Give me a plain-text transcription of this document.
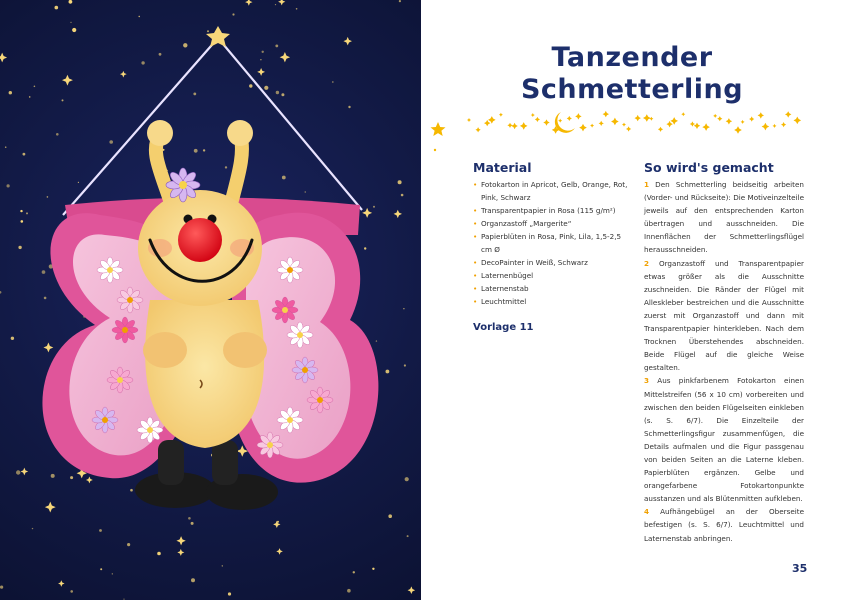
Tanzender
Schmetterling
Material
• Fotokarton in Apricot, Gelb, Orange, Rot, Pink, Schwarz
• Transparentpapier in Rosa (115 g/m²)
• Organzastoff „Margerite“
• Papierblüten in Rosa, Pink, Lila, 1,5-2,5 cm Ø
• DecoPainter in Weiß, Schwarz
• Laternenbügel
• Laternenstab
• Leuchtmittel
Vorlage 11
So wird's gemacht

1 Den Schmetterling beidseitig arbeiten (Vorder- und Rückseite): Die Motiveinzelteile jeweils auf den entsprechenden Karton übertragen und ausschneiden. Die Innenflächen der Schmetterlingsflügel herausschneiden.

2 Organzastoff und Transparentpapier etwas größer als die Ausschnitte zuschneiden. Die Ränder der Flügel mit Alleskleber bestreichen und die Ausschnitte zuerst mit Organzastoff und dann mit Transparentpapier hinterkleben. Nach dem Trocknen Überstehendes abschneiden. Beide Flügel auf die gleiche Weise gestalten.

3 Aus pinkfarbenem Fotokarton einen Mittelstreifen (56 x 10 cm) vorbereiten und zwischen den beiden Flügelseiten einkleben (s. S. 6/7). Die Einzelteile der Schmetterlingsfigur zusammenfügen, die Details aufmalen und die Figur passgenau von beiden Seiten an die Laterne kleben. Papierblüten ergänzen. Gelbe und orangefarbene Fotokartonpunkte ausstanzen und als Blütenmitten aufkleben.

4 Aufhängebügel an der Oberseite befestigen (s. S. 6/7). Leuchtmittel und Laternenstab anbringen.

35
